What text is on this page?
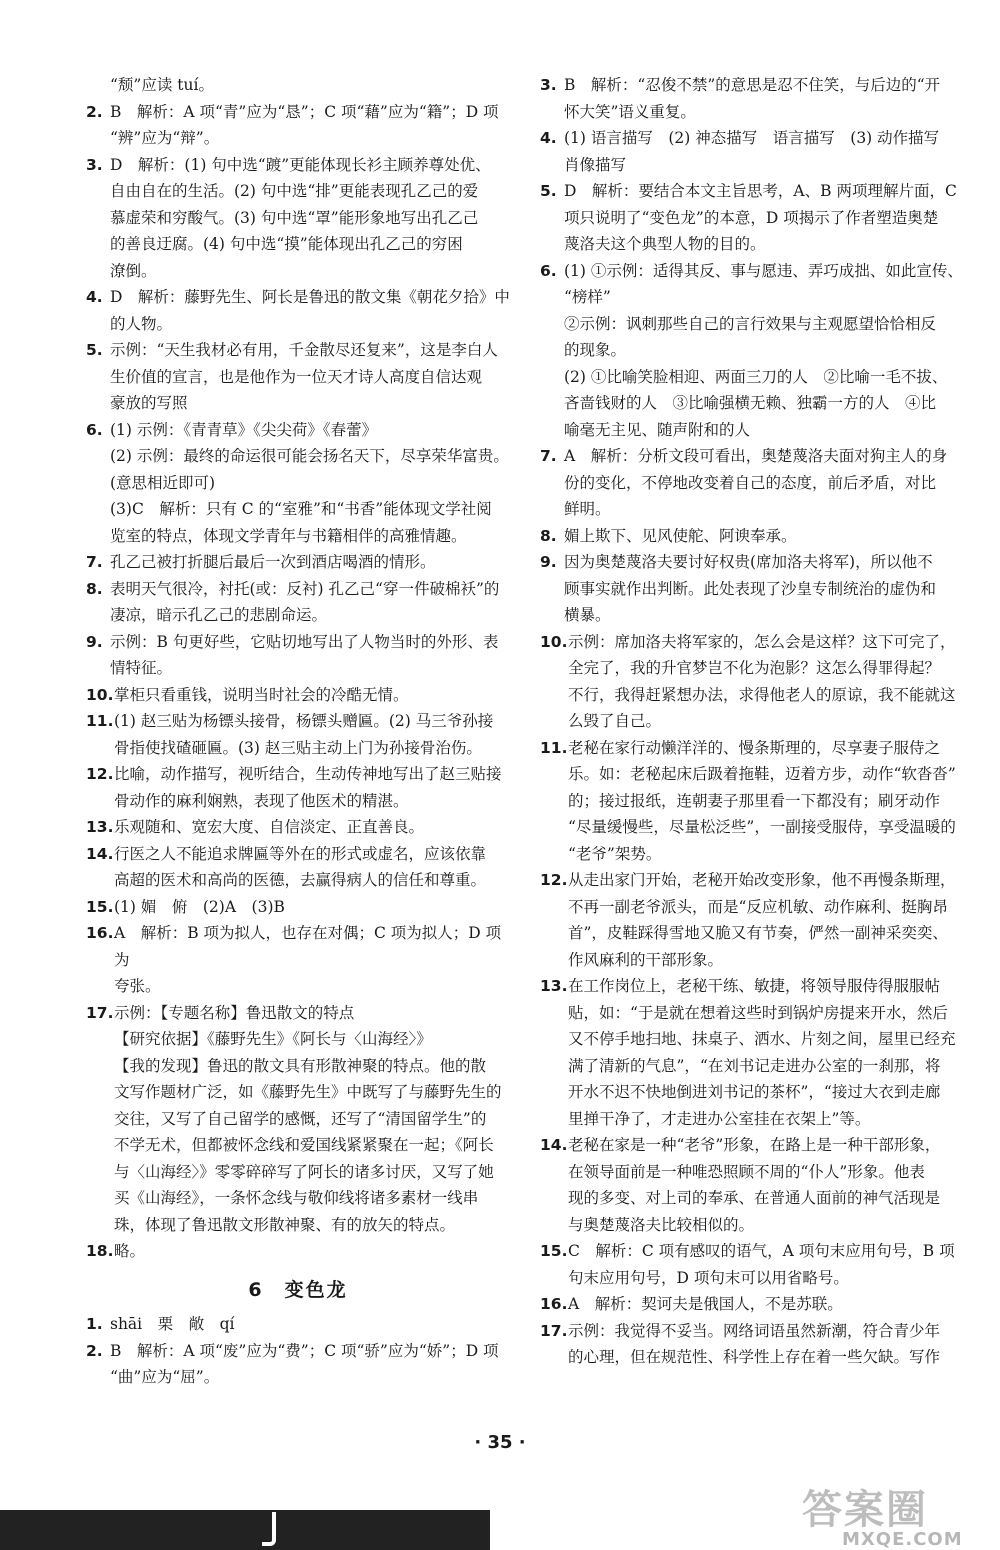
“颓”应读 tuí。
2. B　解析：A 项“青”应为“恳”；C 项“藉”应为“籍”；D 项
“辨”应为“辩”。
3. D　解析：(1) 句中选“踱”更能体现长衫主顾养尊处优、
自由自在的生活。(2) 句中选“排”更能表现孔乙己的爱
慕虚荣和穷酸气。(3) 句中选“罩”能形象地写出孔乙己
的善良迂腐。(4) 句中选“摸”能体现出孔乙己的穷困
潦倒。
4. D　解析：藤野先生、阿长是鲁迅的散文集《朝花夕拾》中
的人物。
5. 示例：“天生我材必有用，千金散尽还复来”，这是李白人
生价值的宣言，也是他作为一位天才诗人高度自信达观
豪放的写照
6. (1) 示例：《青青草》《尖尖荷》《春蕾》
(2) 示例：最终的命运很可能会扬名天下，尽享荣华富贵。
(意思相近即可)
(3)C　解析：只有 C 的“室雅”和“书香”能体现文学社阅
览室的特点，体现文学青年与书籍相伴的高雅情趣。
7. 孔乙己被打折腿后最后一次到酒店喝酒的情形。
8. 表明天气很冷，衬托(或：反衬) 孔乙己“穿一件破棉袄”的
凄凉，暗示孔乙己的悲剧命运。
9. 示例：B 句更好些，它贴切地写出了人物当时的外形、表
情特征。
10. 掌柜只看重钱，说明当时社会的冷酷无情。
11. (1) 赵三贴为杨镖头接骨，杨镖头赠匾。(2) 马三爷孙接
骨指使找碴砸匾。(3) 赵三贴主动上门为孙接骨治伤。
12. 比喻，动作描写，视听结合，生动传神地写出了赵三贴接
骨动作的麻利娴熟，表现了他医术的精湛。
13. 乐观随和、宽宏大度、自信淡定、正直善良。
14. 行医之人不能追求牌匾等外在的形式或虚名，应该依靠
高超的医术和高尚的医德，去赢得病人的信任和尊重。
15. (1) 媚　俯　(2)A　(3)B
16. A　解析：B 项为拟人，也存在对偶；C 项为拟人；D 项为
夸张。
17. 示例：【专题名称】鲁迅散文的特点
【研究依据】《藤野先生》《阿长与〈山海经〉》
【我的发现】鲁迅的散文具有形散神聚的特点。他的散
文写作题材广泛，如《藤野先生》中既写了与藤野先生的
交往，又写了自己留学的感慨，还写了“清国留学生”的
不学无术，但都被怀念线和爱国线紧紧聚在一起；《阿长
与〈山海经〉》零零碎碎写了阿长的诸多讨厌，又写了她
买《山海经》，一条怀念线与敬仰线将诸多素材一线串
珠，体现了鲁迅散文形散神聚、有的放矢的特点。
18. 略。
6　变色龙
1. shāi　栗　敞　qí
2. B　解析：A 项“废”应为“费”；C 项“骄”应为“娇”；D 项
“曲”应为“屈”。
3. B　解析：“忍俊不禁”的意思是忍不住笑，与后边的“开
怀大笑”语义重复。
4. (1) 语言描写　(2) 神态描写　语言描写　(3) 动作描写
肖像描写
5. D　解析：要结合本文主旨思考，A、B 两项理解片面，C
项只说明了“变色龙”的本意，D 项揭示了作者塑造奥楚
蔑洛夫这个典型人物的目的。
6. (1) ①示例：适得其反、事与愿违、弄巧成拙、如此宣传、
“榜样”
②示例：讽刺那些自己的言行效果与主观愿望恰恰相反
的现象。
(2) ①比喻笑脸相迎、两面三刀的人　②比喻一毛不拔、
吝啬钱财的人　③比喻强横无赖、独霸一方的人　④比
喻毫无主见、随声附和的人
7. A　解析：分析文段可看出，奥楚蔑洛夫面对狗主人的身
份的变化，不停地改变着自己的态度，前后矛盾，对比
鲜明。
8. 媚上欺下、见风使舵、阿谀奉承。
9. 因为奥楚蔑洛夫要讨好权贵(席加洛夫将军)，所以他不
顾事实就作出判断。此处表现了沙皇专制统治的虚伪和
横暴。
10. 示例：席加洛夫将军家的，怎么会是这样？这下可完了，
全完了，我的升官梦岂不化为泡影？这怎么得罪得起？
不行，我得赶紧想办法，求得他老人的原谅，我不能就这
么毁了自己。
11. 老秘在家行动懒洋洋的、慢条斯理的，尽享妻子服侍之
乐。如：老秘起床后趿着拖鞋，迈着方步，动作“软沓沓”
的；接过报纸，连朝妻子那里看一下都没有；刷牙动作
“尽量缓慢些，尽量松泛些”，一副接受服侍，享受温暖的
“老爷”架势。
12. 从走出家门开始，老秘开始改变形象，他不再慢条斯理，
不再一副老爷派头，而是“反应机敏、动作麻利、挺胸昂
首”，皮鞋踩得雪地又脆又有节奏，俨然一副神采奕奕、
作风麻利的干部形象。
13. 在工作岗位上，老秘干练、敏捷，将领导服侍得服服帖
贴，如：“于是就在想着这些时到锅炉房提来开水，然后
又不停手地扫地、抹桌子、洒水、片刻之间，屋里已经充
满了清新的气息”，“在刘书记走进办公室的一刹那，将
开水不迟不快地倒进刘书记的茶杯”，“接过大衣到走廊
里掸干净了，才走进办公室挂在衣架上”等。
14. 老秘在家是一种“老爷”形象，在路上是一种干部形象，
在领导面前是一种唯恐照顾不周的“仆人”形象。他表
现的多变、对上司的奉承、在普通人面前的神气活现是
与奥楚蔑洛夫比较相似的。
15. C　解析：C 项有感叹的语气，A 项句末应用句号，B 项
句末应用句号，D 项句末可以用省略号。
16. A　解析：契诃夫是俄国人，不是苏联。
17. 示例：我觉得不妥当。网络词语虽然新潮，符合青少年
的心理，但在规范性、科学性上存在着一些欠缺。写作
· 35 ·
答案圈
MXQE.COM
